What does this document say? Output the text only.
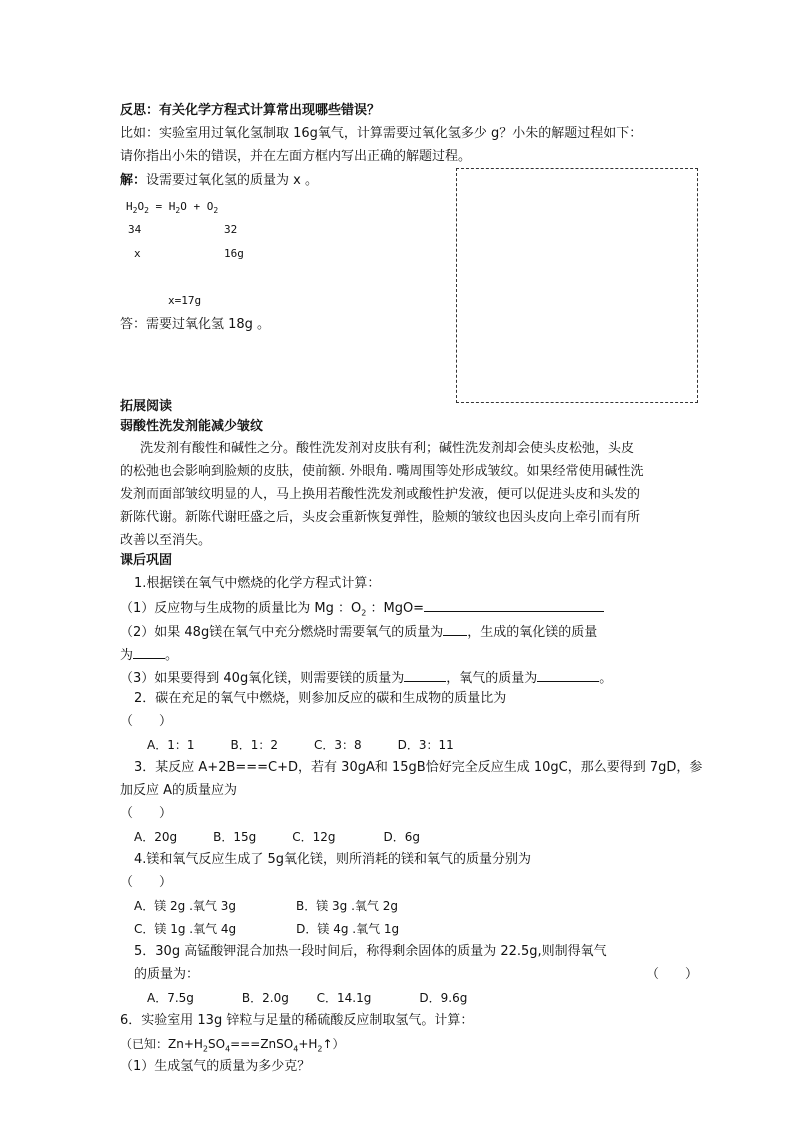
反思：有关化学方程式计算常出现哪些错误？
比如：实验室用过氧化氢制取 16g氧气，计算需要过氧化氢多少 g？小朱的解题过程如下：
请你指出小朱的错误，并在左面方框内写出正确的解题过程。
解：设需要过氧化氢的质量为 x 。
$H_2O_2 = H_2O + O_2$
34	32
x	16g
x=17g
答：需要过氧化氢 18g 。
拓展阅读
弱酸性洗发剂能减少皱纹
洗发剂有酸性和碱性之分。酸性洗发剂对皮肤有利；碱性洗发剂却会使头皮松弛，头皮
的松弛也会影响到脸颊的皮肤，使前额. 外眼角. 嘴周围等处形成皱纹。如果经常使用碱性洗
发剂而面部皱纹明显的人，马上换用若酸性洗发剂或酸性护发液，便可以促进头皮和头发的
新陈代谢。新陈代谢旺盛之后，头皮会重新恢复弹性，脸颊的皱纹也因头皮向上牵引而有所
改善以至消失。
课后巩固
1.根据镁在氧气中燃烧的化学方程式计算：
（1）反应物与生成物的质量比为 Mg ：$O_2$ ：MgO=
（2）如果 48g镁在氧气中充分燃烧时需要氧气的质量为 ，生成的氧化镁的质量
为 。
（3）如果要得到 40g氧化镁，则需要镁的质量为	，氧气的质量为	。
2．碳在充足的氧气中燃烧，则参加反应的碳和生成物的质量比为
（　　）
A．1：1　　　B．1：2　　　C．3：8　　　D．3：11
3．某反应 A+2B===C+D，若有 30gA和 15gB恰好完全反应生成 10gC，那么要得到 7gD，参
加反应 A的质量应为
（　　）
A．20g　　　B．15g　　　C．12g　　　　D．6g
4.镁和氧气反应生成了 5g氧化镁，则所消耗的镁和氧气的质量分别为
（　　）
A．镁 2g .氧气 3g　　　　　B．镁 3g .氧气 2g
C．镁 1g .氧气 4g　　　　　D．镁 4g .氧气 1g
5．30g 高锰酸钾混合加热一段时间后，称得剩余固体的质量为 22.5g,则制得氧气
的质量为：	（　　）
A．7.5g　　　　B．2.0g　　 C．14.1g　　　　D．9.6g
6．实验室用 13g 锌粒与足量的稀硫酸反应制取氢气。计算：
（已知：$Zn+H_2SO_4===ZnSO_4+H_2↑$）
（1）生成氢气的质量为多少克？
